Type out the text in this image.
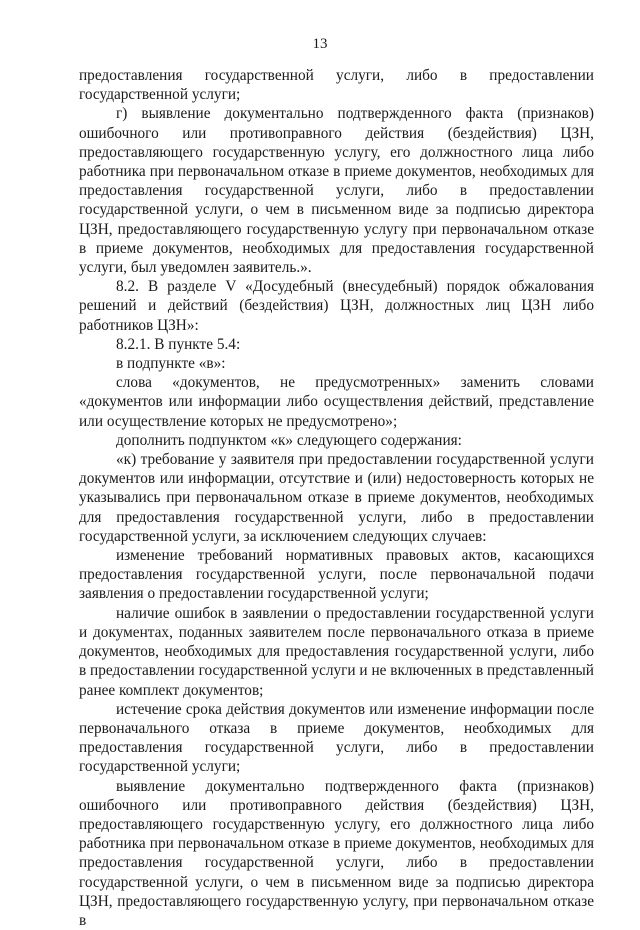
13

предоставления государственной услуги, либо в предоставлении государственной услуги;

г) выявление документально подтвержденного факта (признаков) ошибочного или противоправного действия (бездействия) ЦЗН, предоставляющего государственную услугу, его должностного лица либо работника при первоначальном отказе в приеме документов, необходимых для предоставления государственной услуги, либо в предоставлении государственной услуги, о чем в письменном виде за подписью директора ЦЗН, предоставляющего государственную услугу при первоначальном отказе в приеме документов, необходимых для предоставления государственной услуги, был уведомлен заявитель.».

8.2. В разделе V «Досудебный (внесудебный) порядок обжалования решений и действий (бездействия) ЦЗН, должностных лиц ЦЗН либо работников ЦЗН»:

8.2.1. В пункте 5.4:

в подпункте «в»:

слова «документов, не предусмотренных» заменить словами «документов или информации либо осуществления действий, представление или осуществление которых не предусмотрено»;

дополнить подпунктом «к» следующего содержания:

«к) требование у заявителя при предоставлении государственной услуги документов или информации, отсутствие и (или) недостоверность которых не указывались при первоначальном отказе в приеме документов, необходимых для предоставления государственной услуги, либо в предоставлении государственной услуги, за исключением следующих случаев:

изменение требований нормативных правовых актов, касающихся предоставления государственной услуги, после первоначальной подачи заявления о предоставлении государственной услуги;

наличие ошибок в заявлении о предоставлении государственной услуги и документах, поданных заявителем после первоначального отказа в приеме документов, необходимых для предоставления государственной услуги, либо в предоставлении государственной услуги и не включенных в представленный ранее комплект документов;

истечение срока действия документов или изменение информации после первоначального отказа в приеме документов, необходимых для предоставления государственной услуги, либо в предоставлении государственной услуги;

выявление документально подтвержденного факта (признаков) ошибочного или противоправного действия (бездействия) ЦЗН, предоставляющего государственную услугу, его должностного лица либо работника при первоначальном отказе в приеме документов, необходимых для предоставления государственной услуги, либо в предоставлении государственной услуги, о чем в письменном виде за подписью директора ЦЗН, предоставляющего государственную услугу, при первоначальном отказе в
